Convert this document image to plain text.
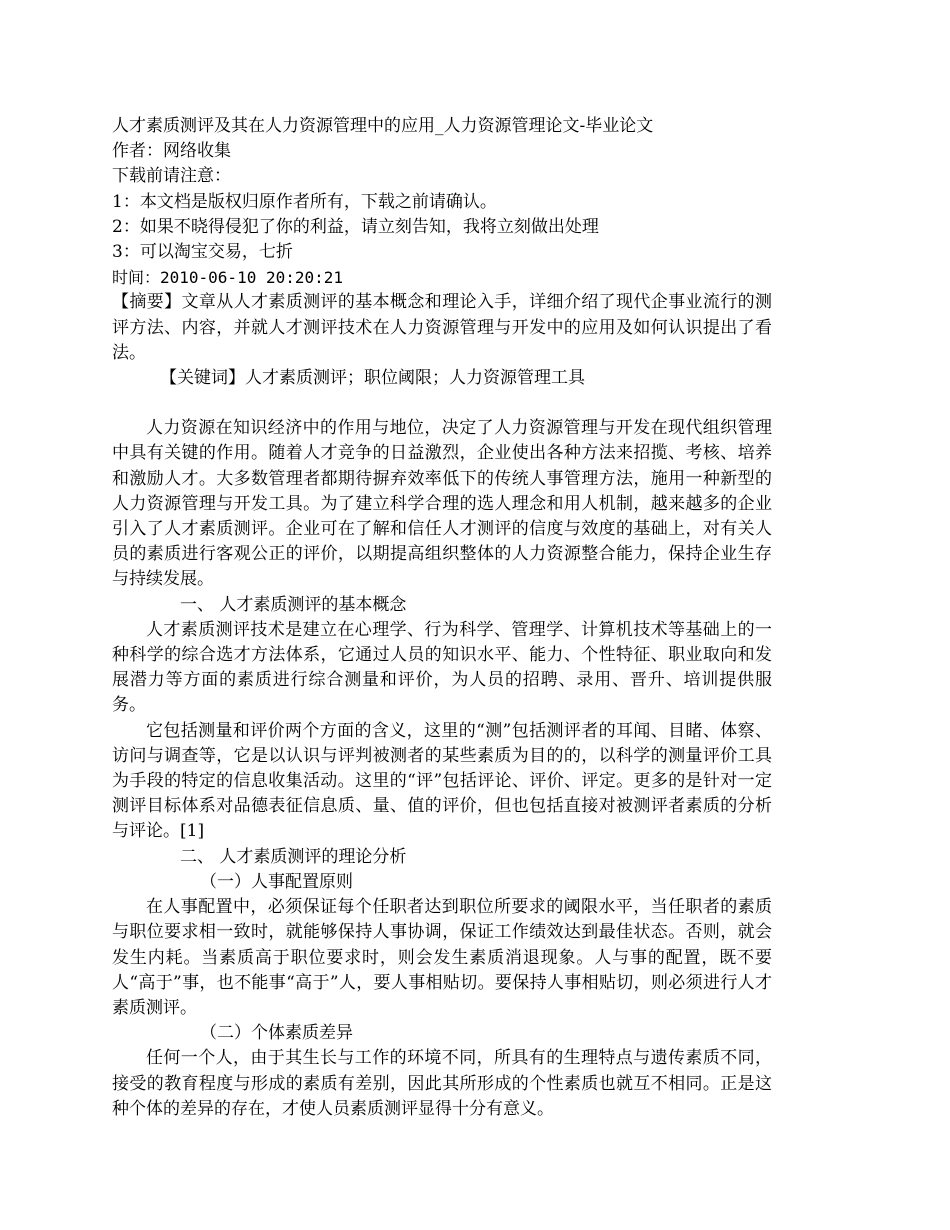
人才素质测评及其在人力资源管理中的应用_人力资源管理论文-毕业论文
作者：网络收集
下载前请注意：
1：本文档是版权归原作者所有，下载之前请确认。
2：如果不晓得侵犯了你的利益，请立刻告知，我将立刻做出处理
3：可以淘宝交易，七折
时间：2010-06-10 20:20:21
【摘要】文章从人才素质测评的基本概念和理论入手，详细介绍了现代企事业流行的测评方法、内容，并就人才测评技术在人力资源管理与开发中的应用及如何认识提出了看法。
【关键词】人才素质测评；职位阈限；人力资源管理工具
人力资源在知识经济中的作用与地位，决定了人力资源管理与开发在现代组织管理中具有关键的作用。随着人才竞争的日益激烈，企业使出各种方法来招揽、考核、培养和激励人才。大多数管理者都期待摒弃效率低下的传统人事管理方法，施用一种新型的人力资源管理与开发工具。为了建立科学合理的选人理念和用人机制，越来越多的企业引入了人才素质测评。企业可在了解和信任人才测评的信度与效度的基础上，对有关人员的素质进行客观公正的评价，以期提高组织整体的人力资源整合能力，保持企业生存与持续发展。
一、 人才素质测评的基本概念
人才素质测评技术是建立在心理学、行为科学、管理学、计算机技术等基础上的一种科学的综合选才方法体系，它通过人员的知识水平、能力、个性特征、职业取向和发展潜力等方面的素质进行综合测量和评价，为人员的招聘、录用、晋升、培训提供服务。
它包括测量和评价两个方面的含义，这里的“测”包括测评者的耳闻、目睹、体察、访问与调查等，它是以认识与评判被测者的某些素质为目的的，以科学的测量评价工具为手段的特定的信息收集活动。这里的“评”包括评论、评价、评定。更多的是针对一定测评目标体系对品德表征信息质、量、值的评价，但也包括直接对被测评者素质的分析与评论。[1]
二、 人才素质测评的理论分析
（一）人事配置原则
在人事配置中，必须保证每个任职者达到职位所要求的阈限水平，当任职者的素质与职位要求相一致时，就能够保持人事协调，保证工作绩效达到最佳状态。否则，就会发生内耗。当素质高于职位要求时，则会发生素质消退现象。人与事的配置，既不要人“高于”事，也不能事“高于”人，要人事相贴切。要保持人事相贴切，则必须进行人才素质测评。
（二）个体素质差异
任何一个人，由于其生长与工作的环境不同，所具有的生理特点与遗传素质不同，接受的教育程度与形成的素质有差别，因此其所形成的个性素质也就互不相同。正是这种个体的差异的存在，才使人员素质测评显得十分有意义。
